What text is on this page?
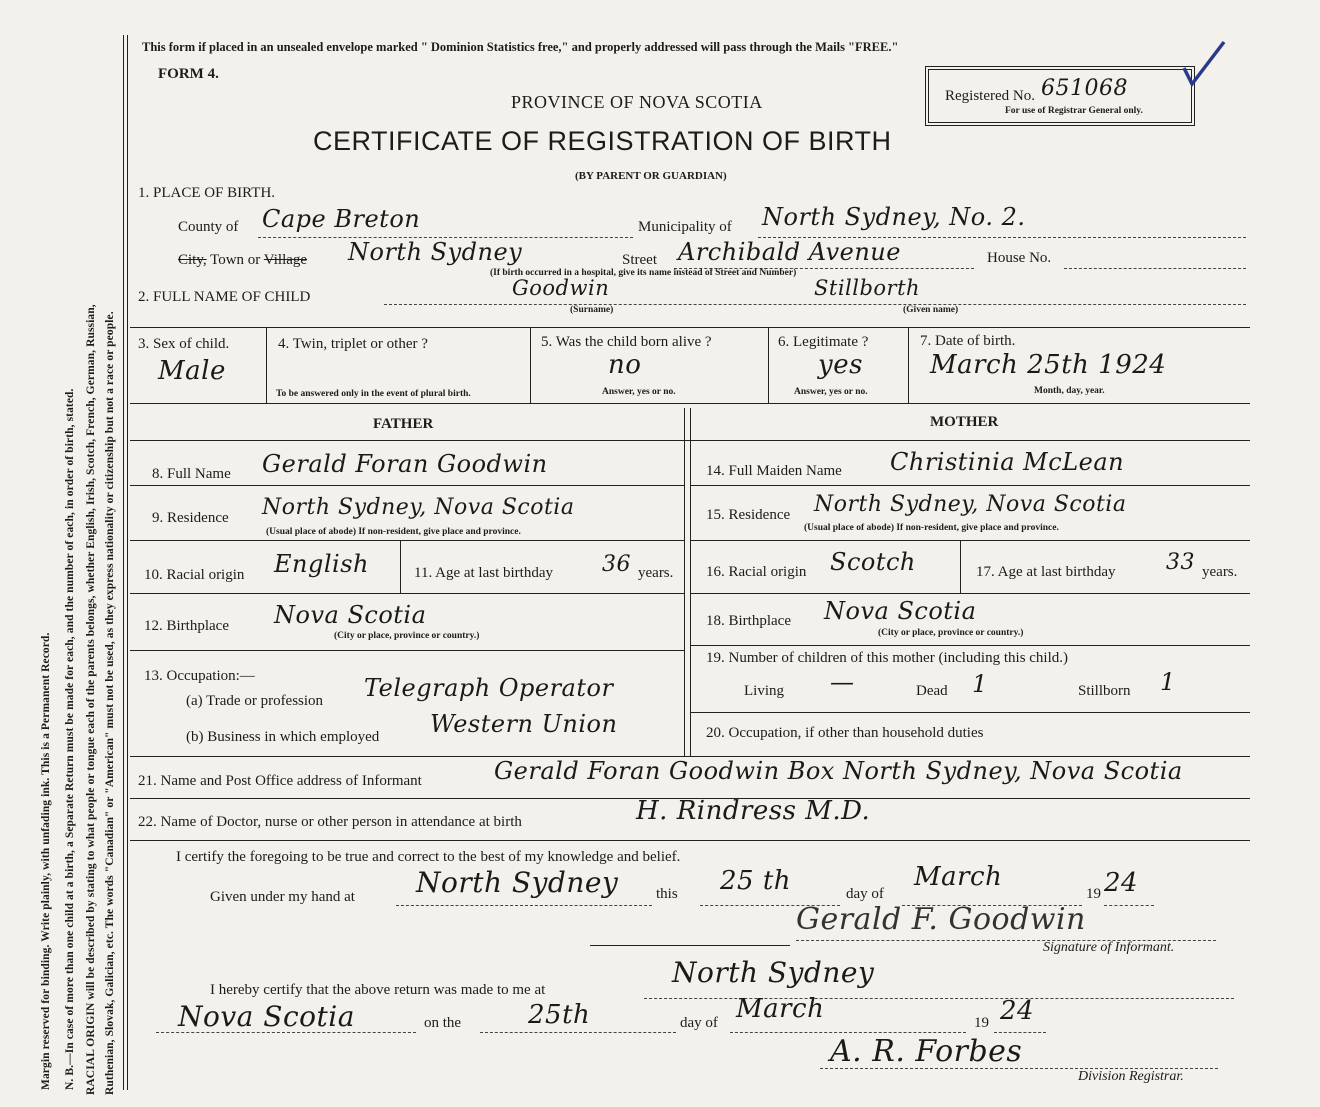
Margin reserved for binding. Write plainly, with unfading ink. This is a Permanent Record. N. B.—In case of more than one child at a birth, a Separate Return must be made for each, and the number of each, in order of birth, stated. RACIAL ORIGIN will be described by stating to what people or tongue each of the parents belongs, whether English, Irish, Scotch, French, German, Russian, Ruthenian, Slovak, Galician, etc. The words "Canadian" or "American" must not be used, as they express nationality or citizenship but not a race or people.
This form if placed in an unsealed envelope marked " Dominion Statistics free," and properly addressed will pass through the Mails "FREE."
FORM 4.
PROVINCE OF NOVA SCOTIA
CERTIFICATE OF REGISTRATION OF BIRTH
(BY PARENT OR GUARDIAN)
Registered No. 651068
For use of Registrar General only.
1. PLACE OF BIRTH.
County of Cape Breton	Municipality of North Sydney, No. 2.
City, Town or Village North Sydney	Street Archibald Avenue	House No.
(If birth occurred in a hospital, give its name instead of Street and Number)
2. FULL NAME OF CHILD	Goodwin
(Surname)
Stillborth
(Given name)
3. Sex of child.
Male
4. Twin, triplet or other ?
To be answered only in the event of plural birth.
5. Was the child born alive ?
no
Answer, yes or no.
6. Legitimate ?
yes
Answer, yes or no.
7. Date of birth.
March 25th 1924
Month, day, year.
FATHER	MOTHER
8. Full Name Gerald Foran Goodwin
9. Residence North Sydney, Nova Scotia
(Usual place of abode) If non-resident, give place and province.
10. Racial origin English	11. Age at last birthday 36 years.
12. Birthplace Nova Scotia
(City or place, province or country.)
13. Occupation:—
(a) Trade or profession Telegraph Operator
(b) Business in which employed Western Union
14. Full Maiden Name Christinia McLean
15. Residence North Sydney, Nova Scotia
(Usual place of abode) If non-resident, give place and province.
16. Racial origin Scotch	17. Age at last birthday 33 years.
18. Birthplace Nova Scotia
(City or place, province or country.)
19. Number of children of this mother (including this child.)
Living —	Dead 1	Stillborn 1
20. Occupation, if other than household duties
21. Name and Post Office address of Informant	Gerald Foran Goodwin Box North Sydney, Nova Scotia
22. Name of Doctor, nurse or other person in attendance at birth	H. Rindress M.D.
I certify the foregoing to be true and correct to the best of my knowledge and belief.
Given under my hand at North Sydney	this 25 th	day of
March
19 24
Gerald F. Goodwin
Signature of Informant.
I hereby certify that the above return was made to me at
North Sydney
Nova Scotia	on the	25th	day of March	19 24
A. R. Forbes
Division Registrar.
